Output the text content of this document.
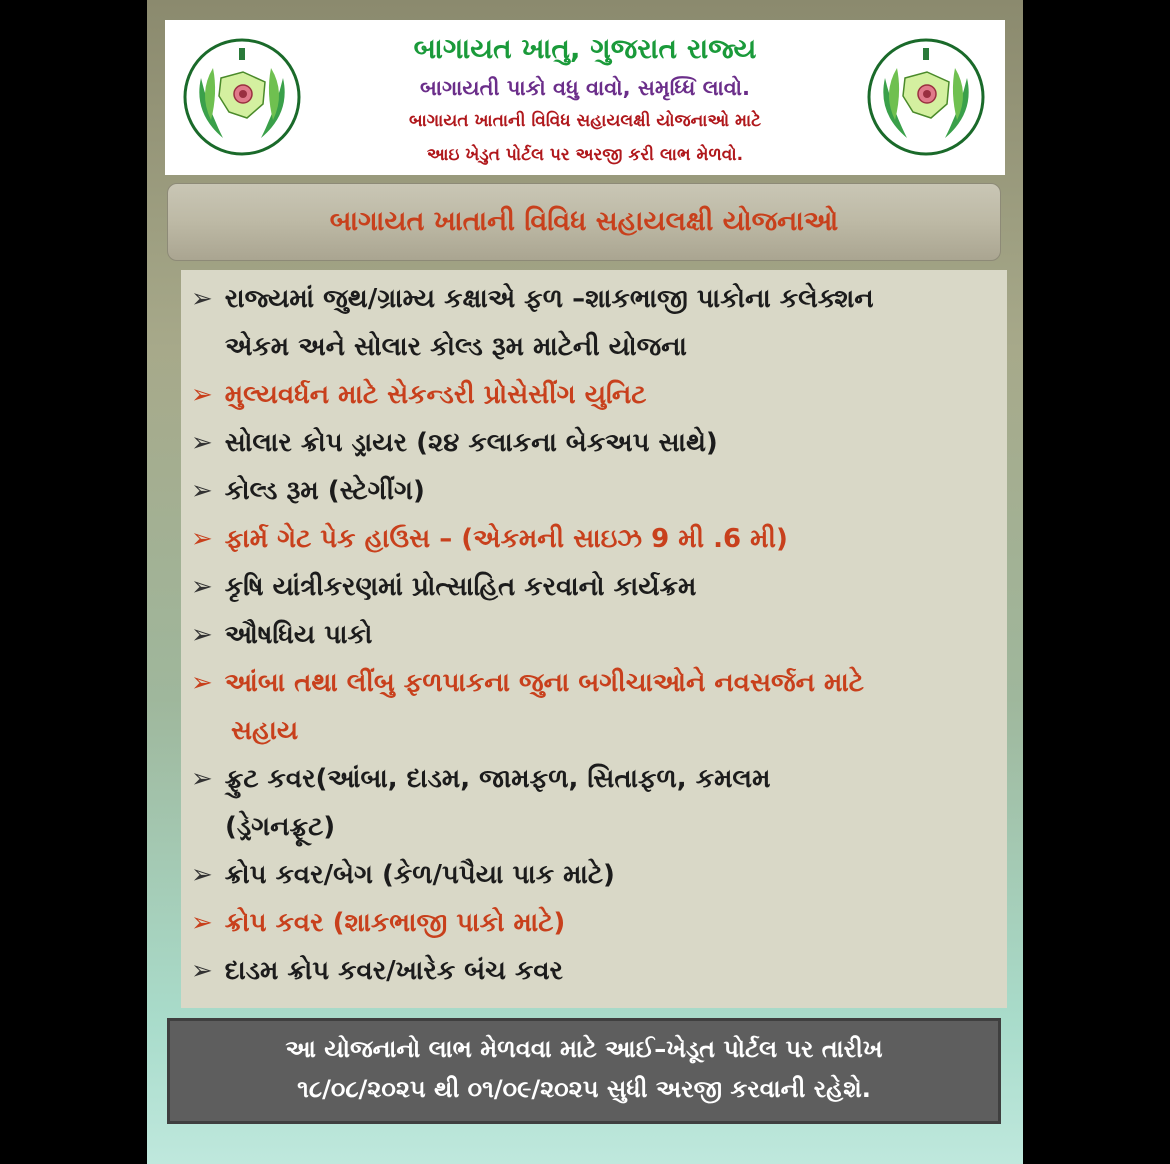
બાગાયત ખાતુ, ગુજરાત રાજ્ય
બાગાયતી પાકો વધુ વાવો, સમૃધ્ધિ લાવો.
બાગાયત ખાતાની વિવિધ સહાયલક્ષી યોજનાઓ માટે
આઇ ખેડુત પોર્ટલ પર અરજી કરી લાભ મેળવો.
બાગાયત ખાતાની વિવિધ સહાયલક્ષી યોજનાઓ
➢ રાજ્યમાં જુથ/ગ્રામ્ય કક્ષાએ ફળ –શાકભાજી પાકોના કલેક્શન
એકમ અને સોલાર કોલ્ડ રૂમ માટેની યોજના
➢ મુલ્યવર્ધન માટે સેકન્ડરી પ્રોસેસીંગ યુનિટ
➢ સોલાર ક્રોપ ડ્રાયર (૨૪ કલાકના બેકઅપ સાથે)
➢ કોલ્ડ રૂમ (સ્ટેગીંગ)
➢ ફાર્મ ગેટ પેક હાઉસ – (એકમની સાઇઝ 9 મી .6 મી)
➢ કૃષિ યાંત્રીકરણમાં પ્રોત્સાહિત કરવાનો કાર્યક્રમ
➢ ઔષધિય પાકો
➢ આંબા તથા લીંબુ ફળપાકના જુના બગીચાઓને નવસર્જન માટે
સહાય
➢ ફ્રુટ કવર(આંબા, દાડમ, જામફળ, સિતાફળ, કમલમ
(ડ્રેગનફ્રૂટ)
➢ ક્રોપ કવર/બેગ (કેળ/પપૈયા પાક માટે)
➢ ક્રોપ કવર (શાકભાજી પાકો માટે)
➢ દાડમ ક્રોપ કવર/ખારેક બંચ કવર
આ યોજનાનો લાભ મેળવવા માટે આઈ–ખેડૂત પોર્ટલ પર તારીખ
૧૮/૦૮/૨૦૨૫ થી ૦૧/૦૯/૨૦૨૫ સુધી અરજી કરવાની રહેશે.
